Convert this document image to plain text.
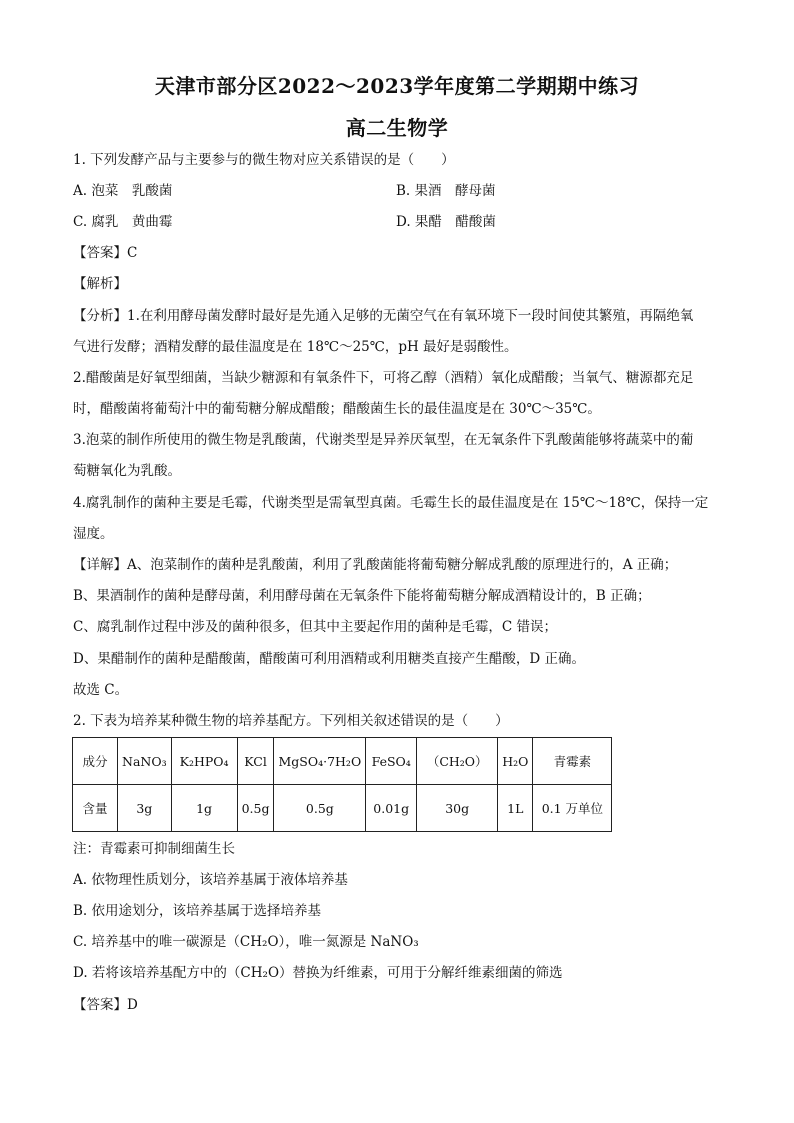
天津市部分区2022～2023学年度第二学期期中练习
高二生物学
1. 下列发酵产品与主要参与的微生物对应关系错误的是（　　）
A. 泡菜　乳酸菌	B. 果酒　酵母菌
C. 腐乳　黄曲霉	D. 果醋　醋酸菌
【答案】C
【解析】
【分析】1.在利用酵母菌发酵时最好是先通入足够的无菌空气在有氧环境下一段时间使其繁殖，再隔绝氧
气进行发酵；酒精发酵的最佳温度是在 18℃～25℃，pH 最好是弱酸性。
2.醋酸菌是好氧型细菌，当缺少糖源和有氧条件下，可将乙醇（酒精）氧化成醋酸；当氧气、糖源都充足
时，醋酸菌将葡萄汁中的葡萄糖分解成醋酸；醋酸菌生长的最佳温度是在 30℃～35℃。
3.泡菜的制作所使用的微生物是乳酸菌，代谢类型是异养厌氧型，在无氧条件下乳酸菌能够将蔬菜中的葡
萄糖氧化为乳酸。
4.腐乳制作的菌种主要是毛霉，代谢类型是需氧型真菌。毛霉生长的最佳温度是在 15℃～18℃，保持一定
湿度。
【详解】A、泡菜制作的菌种是乳酸菌，利用了乳酸菌能将葡萄糖分解成乳酸的原理进行的，A 正确；
B、果酒制作的菌种是酵母菌，利用酵母菌在无氧条件下能将葡萄糖分解成酒精设计的，B 正确；
C、腐乳制作过程中涉及的菌种很多，但其中主要起作用的菌种是毛霉，C 错误；
D、果醋制作的菌种是醋酸菌，醋酸菌可利用酒精或利用糖类直接产生醋酸，D 正确。
故选 C。
2. 下表为培养某种微生物的培养基配方。下列相关叙述错误的是（　　）
成分	NaNO₃	K₂HPO₄	KCl	MgSO₄·7H₂O	FeSO₄	（CH₂O）	H₂O	青霉素
含量	3g	1g	0.5g	0.5g	0.01g	30g	1L	0.1 万单位
注：青霉素可抑制细菌生长
A. 依物理性质划分，该培养基属于液体培养基
B. 依用途划分，该培养基属于选择培养基
C. 培养基中的唯一碳源是（CH₂O），唯一氮源是 NaNO₃
D. 若将该培养基配方中的（CH₂O）替换为纤维素，可用于分解纤维素细菌的筛选
【答案】D
